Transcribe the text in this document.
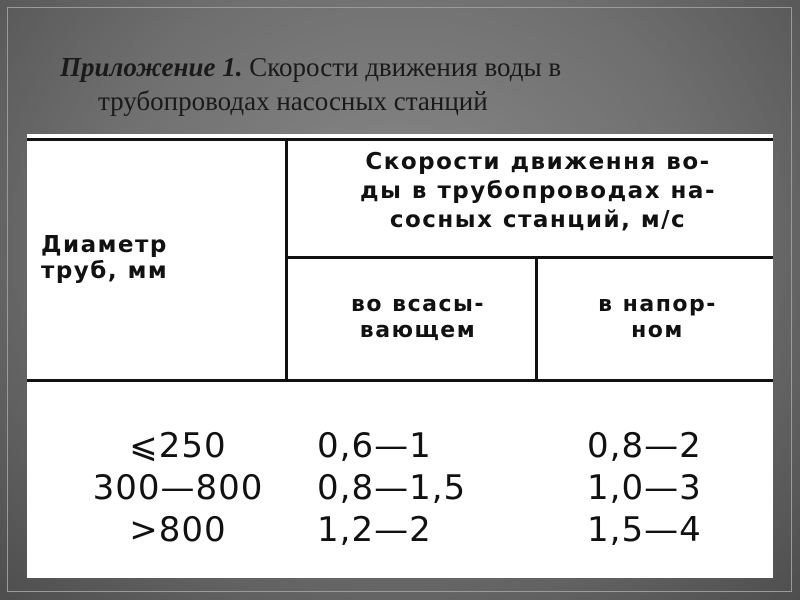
Приложение 1. Скорости движения воды в
трубопроводах насосных станций
Диаметр
труб, мм
Скорости движення во-
ды в трубопроводах на-
сосных станций, м/с
во всасы-
вающем
в напор-
ном
⩽250	0,6—1	0,8—2
300—800	0,8—1,5	1,0—3
>800	1,2—2	1,5—4
